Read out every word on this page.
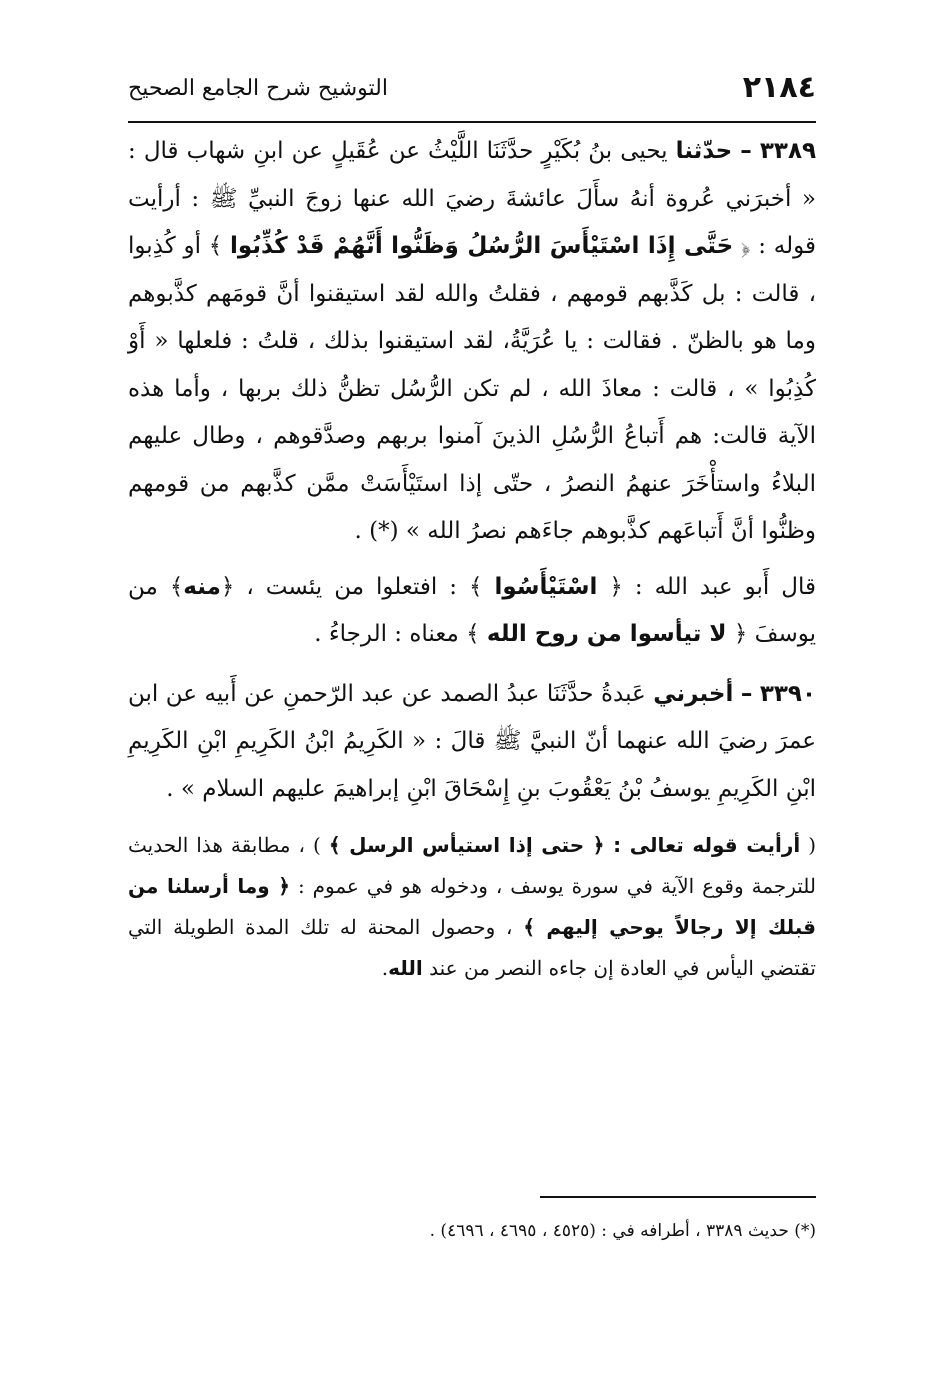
٢١٨٤
التوشيح شرح الجامع الصحيح

٣٣٨٩ – حدّثنا يحيى بنُ بُكَيْرٍ حدَّثَنَا اللَّيْثُ عن عُقَيلٍ عن ابنِ شهاب قال : « أخبرَني عُروة أنهُ سأَلَ عائشةَ رضيَ الله عنها زوجَ النبيِّ ﷺ : أرأيت قوله : ﴿ حَتَّى إِذَا اسْتَيْأَسَ الرُّسُلُ وَظَنُّوا أَنَّهُمْ قَدْ كُذِّبُوا ﴾ أو كُذِبوا ، قالت : بل كَذَّبهم قومهم ، فقلتُ والله لقد استيقنوا أنَّ قومَهم كذَّبوهم وما هو بالظنّ . فقالت : يا عُرَيَّةُ، لقد استيقنوا بذلك ، قلتُ : فلعلها « أَوْ كُذِبُوا » ، قالت : معاذَ الله ، لم تكن الرُّسُل تظنُّ ذلك بربها ، وأما هذه الآية قالت: هم أَتباعُ الرُّسُلِ الذينَ آمنوا بربهم وصدَّقوهم ، وطال عليهم البلاءُ واستأْخَرَ عنهمُ النصرُ ، حتّى إذا استَيْأَسَتْ ممَّن كذَّبهم من قومهم وظنُّوا أنَّ أَتباعَهم كذَّبوهم جاءَهم نصرُ الله » (*) .

قال أَبو عبد الله : ﴿ اسْتَيْأَسُوا ﴾ : افتعلوا من يئست ، ﴿منه﴾ من يوسفَ ﴿ لا تيأسوا من روح الله ﴾ معناه : الرجاءُ .

٣٣٩٠ – أخبرني عَبدةُ حدَّثَنَا عبدُ الصمد عن عبد الرّحمنِ عن أَبيه عن ابن عمرَ رضيَ الله عنهما أنّ النبيَّ ﷺ قالَ : « الكَرِيمُ ابْنُ الكَرِيمِ ابْنِ الكَرِيمِ ابْنِ الكَرِيمِ يوسفُ بْنُ يَعْقُوبَ بنِ إِسْحَاقَ ابْنِ إبراهيمَ عليهم السلام » .

( أرأيت قوله تعالى : ﴿ حتى إذا استيأس الرسل ﴾ ) ، مطابقة هذا الحديث للترجمة وقوع الآية في سورة يوسف ، ودخوله هو في عموم : ﴿ وما أرسلنا من قبلك إلا رجالاً يوحي إليهم ﴾ ، وحصول المحنة له تلك المدة الطويلة التي تقتضي اليأس في العادة إن جاءه النصر من عند الله.

(*) حديث ٣٣٨٩ ، أطرافه في : (٤٥٢٥ ، ٤٦٩٥ ، ٤٦٩٦) .
